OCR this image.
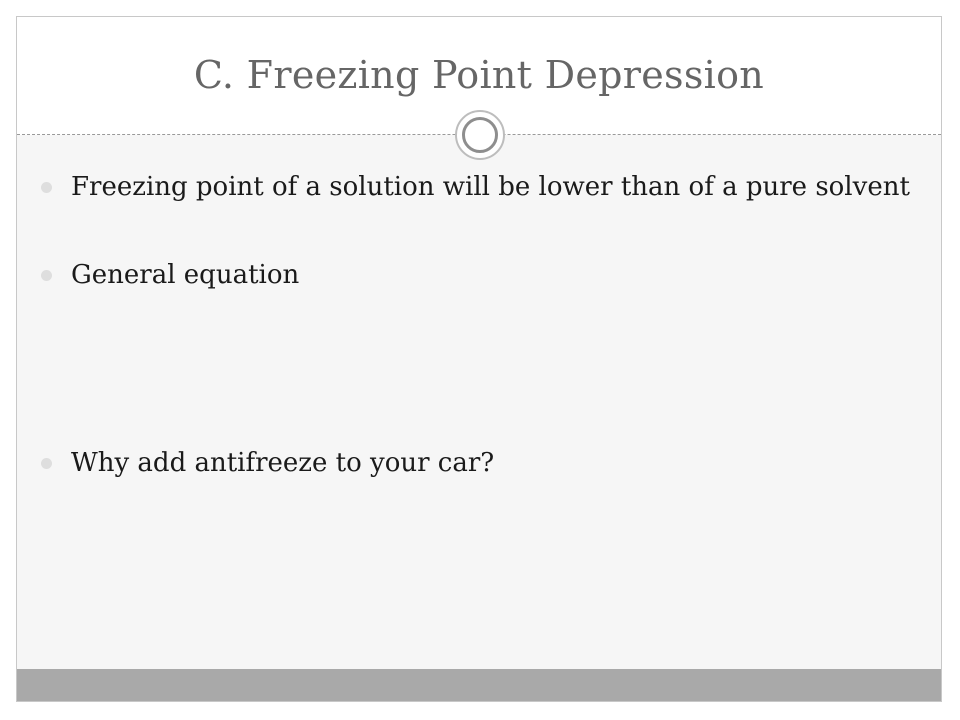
C. Freezing Point Depression
Freezing point of a solution will be lower than of a pure solvent
General equation
Why add antifreeze to your car?
